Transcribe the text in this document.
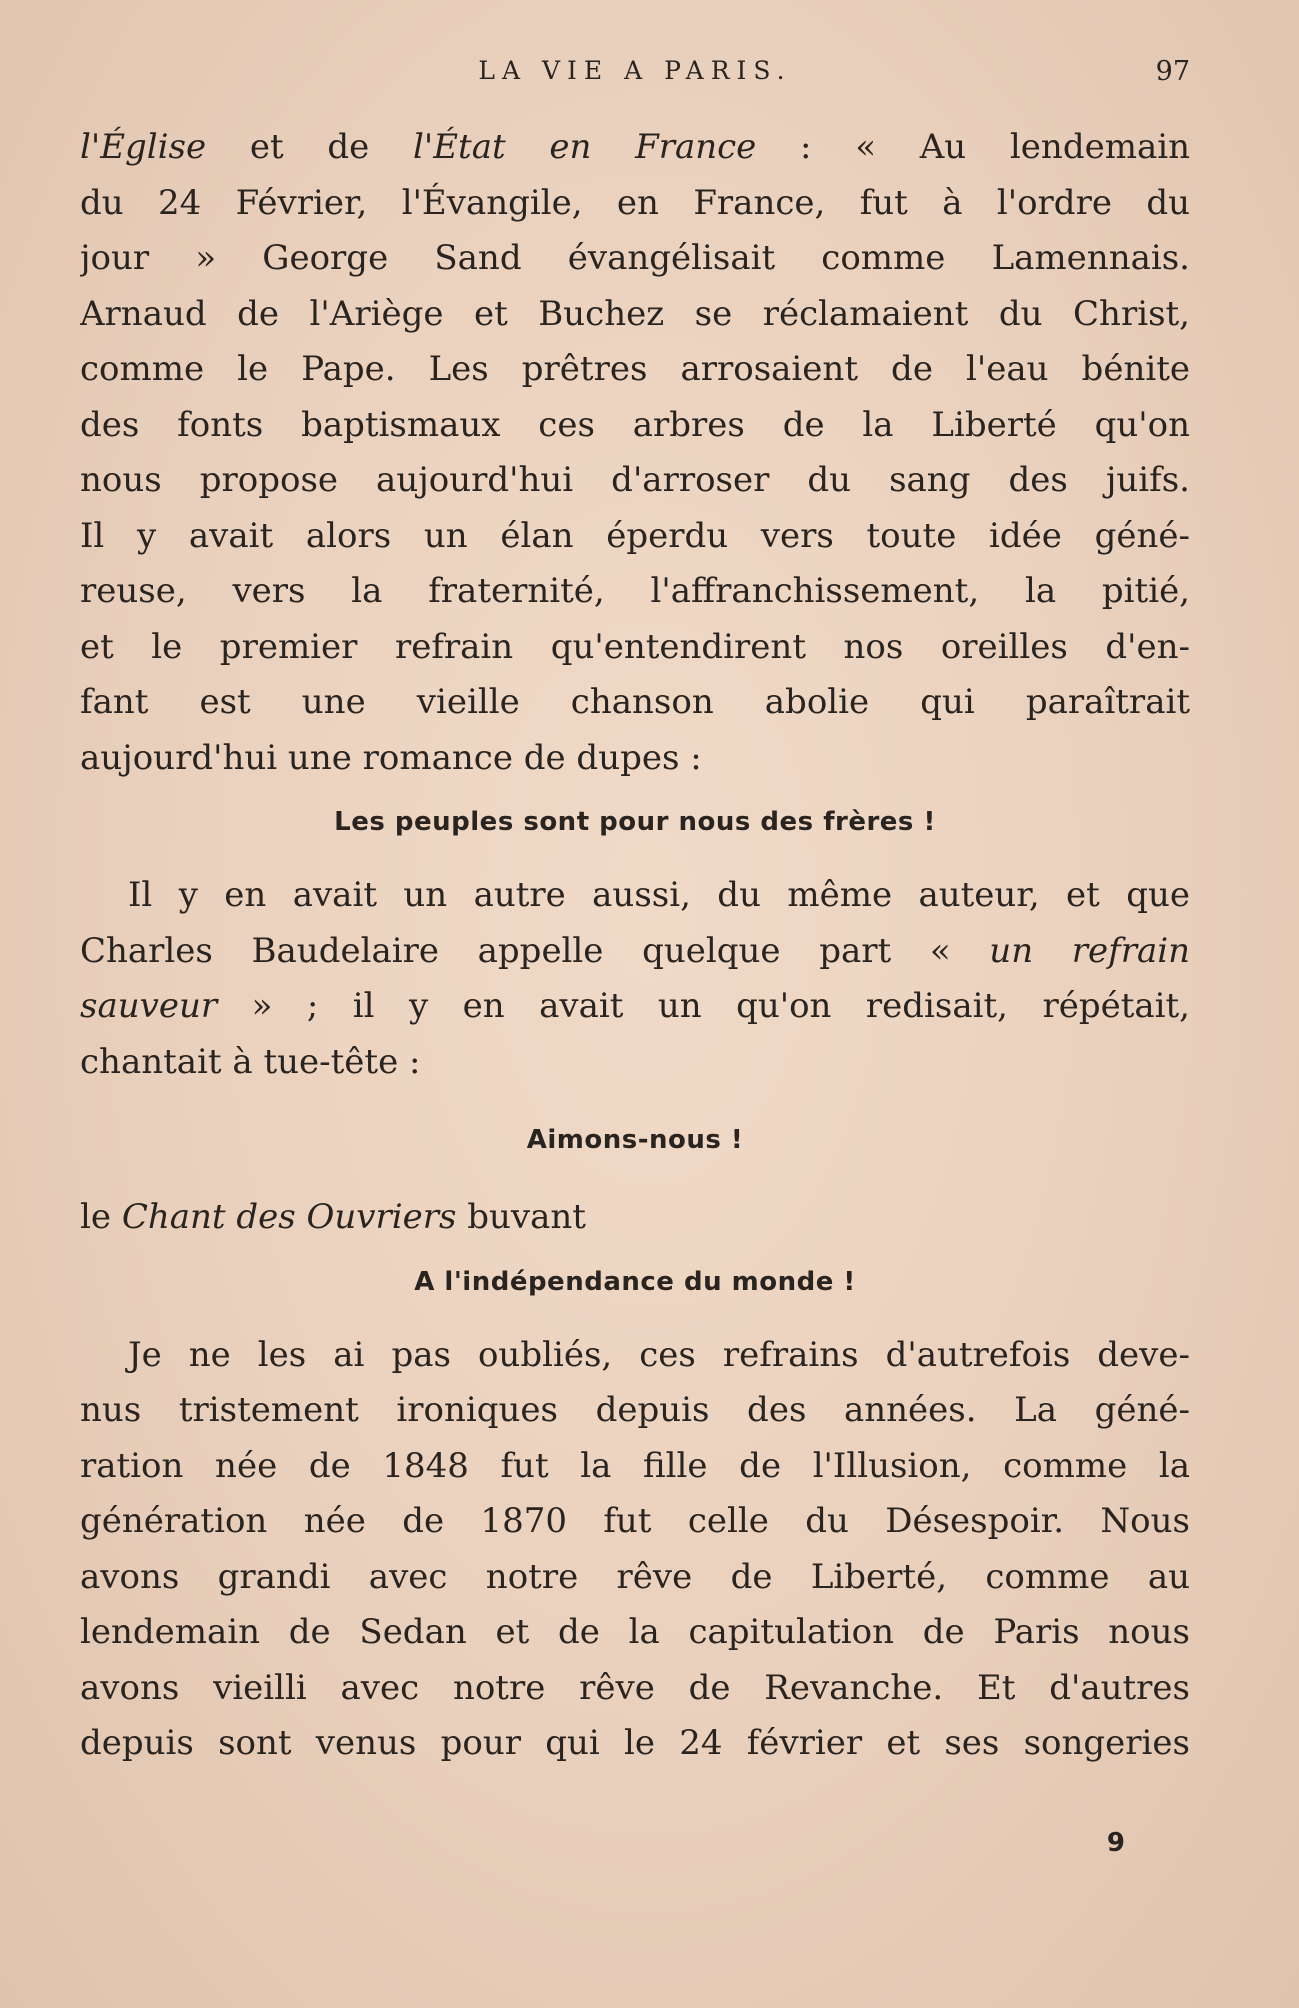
LA VIE A PARIS.	97
l'Église et de l'État en France : « Au lendemain
du 24 Février, l'Évangile, en France, fut à l'ordre du
jour » George Sand évangélisait comme Lamennais.
Arnaud de l'Ariège et Buchez se réclamaient du Christ,
comme le Pape. Les prêtres arrosaient de l'eau bénite
des fonts baptismaux ces arbres de la Liberté qu'on
nous propose aujourd'hui d'arroser du sang des juifs.
Il y avait alors un élan éperdu vers toute idée géné-
reuse, vers la fraternité, l'affranchissement, la pitié,
et le premier refrain qu'entendirent nos oreilles d'en-
fant est une vieille chanson abolie qui paraîtrait
aujourd'hui une romance de dupes :
Les peuples sont pour nous des frères !
Il y en avait un autre aussi, du même auteur, et que
Charles Baudelaire appelle quelque part « un refrain
sauveur » ; il y en avait un qu'on redisait, répétait,
chantait à tue-tête :
Aimons-nous !
le Chant des Ouvriers buvant
A l'indépendance du monde !
Je ne les ai pas oubliés, ces refrains d'autrefois deve-
nus tristement ironiques depuis des années. La géné-
ration née de 1848 fut la fille de l'Illusion, comme la
génération née de 1870 fut celle du Désespoir. Nous
avons grandi avec notre rêve de Liberté, comme au
lendemain de Sedan et de la capitulation de Paris nous
avons vieilli avec notre rêve de Revanche. Et d'autres
depuis sont venus pour qui le 24 février et ses songeries
9
